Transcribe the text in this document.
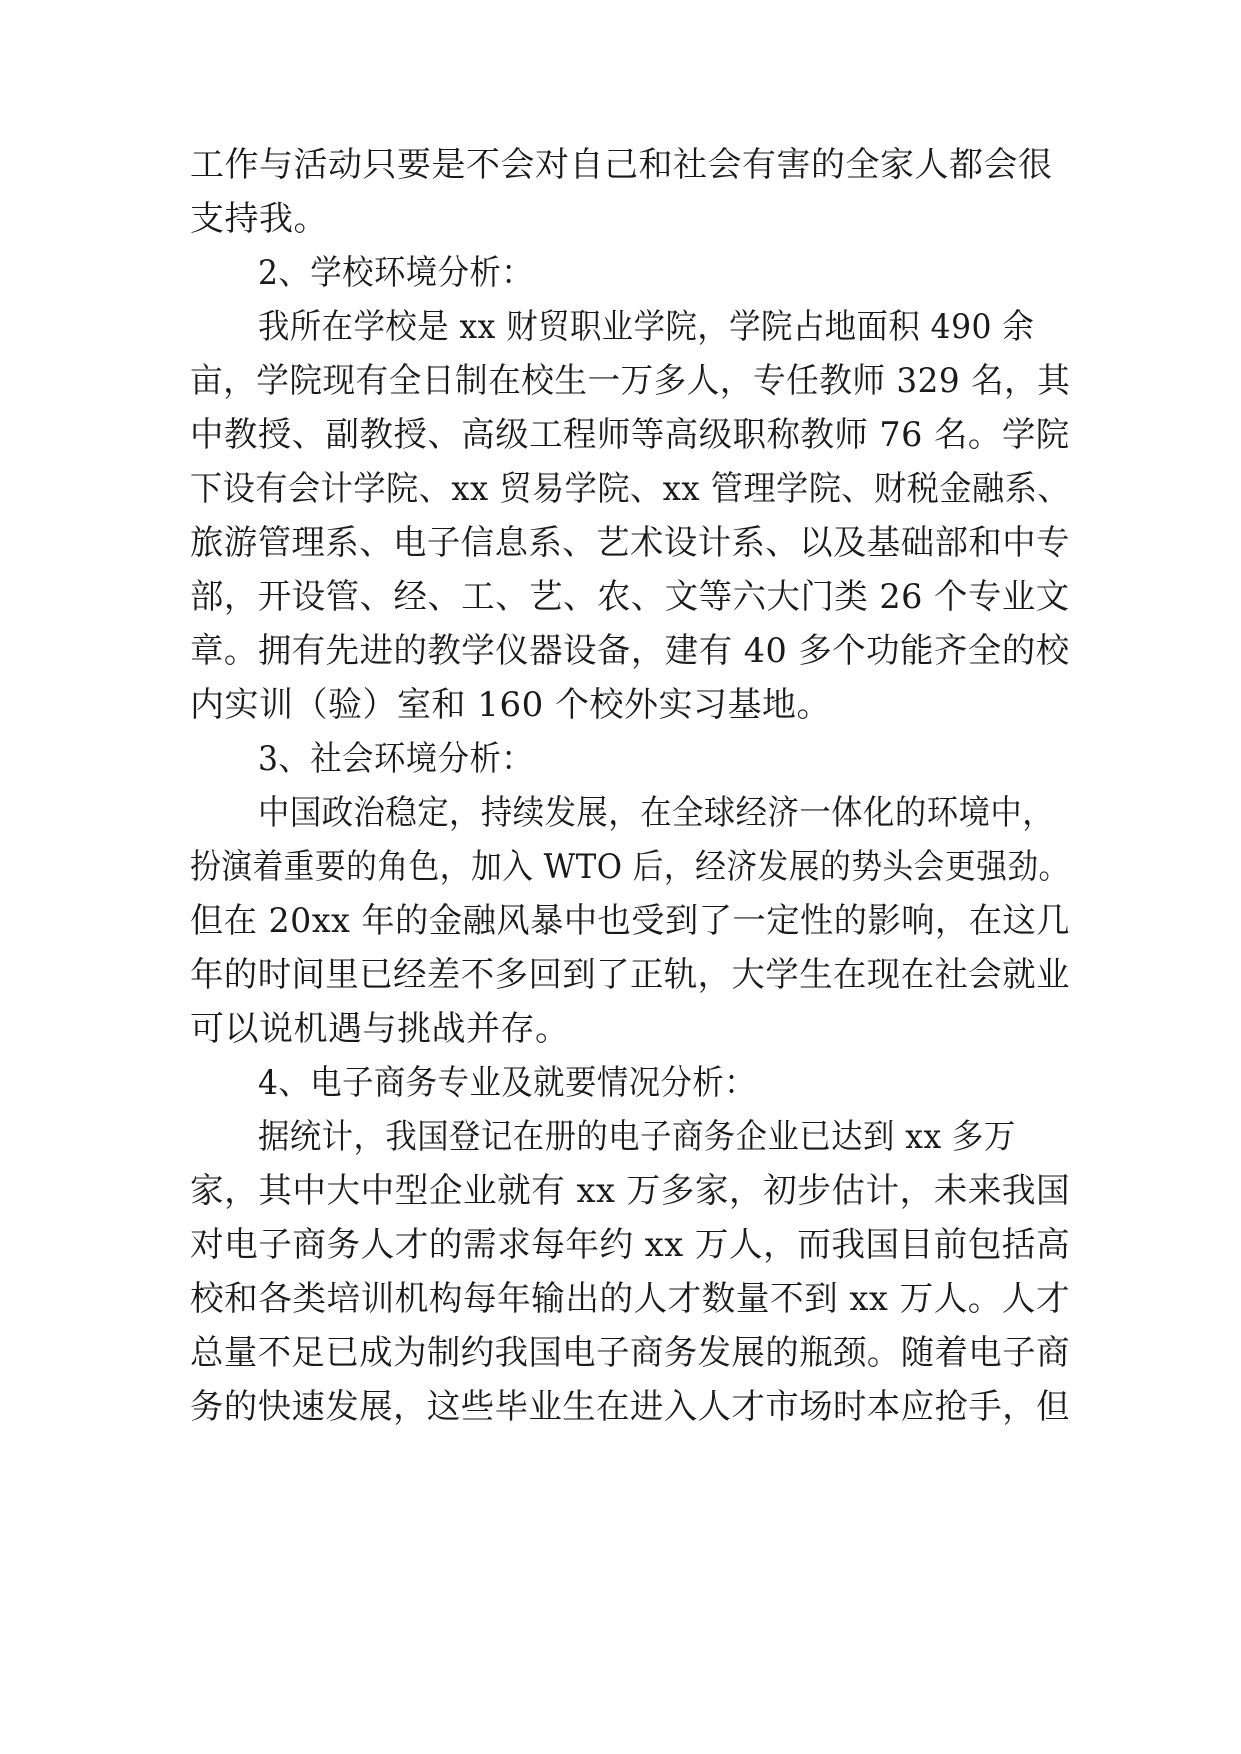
工作与活动只要是不会对自己和社会有害的全家人都会很
支持我。
2、学校环境分析：
我所在学校是 xx 财贸职业学院，学院占地面积 490 余
亩，学院现有全日制在校生一万多人，专任教师 329 名，其
中教授、副教授、高级工程师等高级职称教师 76 名。学院
下设有会计学院、xx 贸易学院、xx 管理学院、财税金融系、
旅游管理系、电子信息系、艺术设计系、以及基础部和中专
部，开设管、经、工、艺、农、文等六大门类 26 个专业文
章。拥有先进的教学仪器设备，建有 40 多个功能齐全的校
内实训（验）室和 160 个校外实习基地。
3、社会环境分析：
中国政治稳定，持续发展，在全球经济一体化的环境中，
扮演着重要的角色，加入 WTO 后，经济发展的势头会更强劲。
但在 20xx 年的金融风暴中也受到了一定性的影响，在这几
年的时间里已经差不多回到了正轨，大学生在现在社会就业
可以说机遇与挑战并存。
4、电子商务专业及就要情况分析：
据统计，我国登记在册的电子商务企业已达到 xx 多万
家，其中大中型企业就有 xx 万多家，初步估计，未来我国
对电子商务人才的需求每年约 xx 万人，而我国目前包括高
校和各类培训机构每年输出的人才数量不到 xx 万人。人才
总量不足已成为制约我国电子商务发展的瓶颈。随着电子商
务的快速发展，这些毕业生在进入人才市场时本应抢手，但
